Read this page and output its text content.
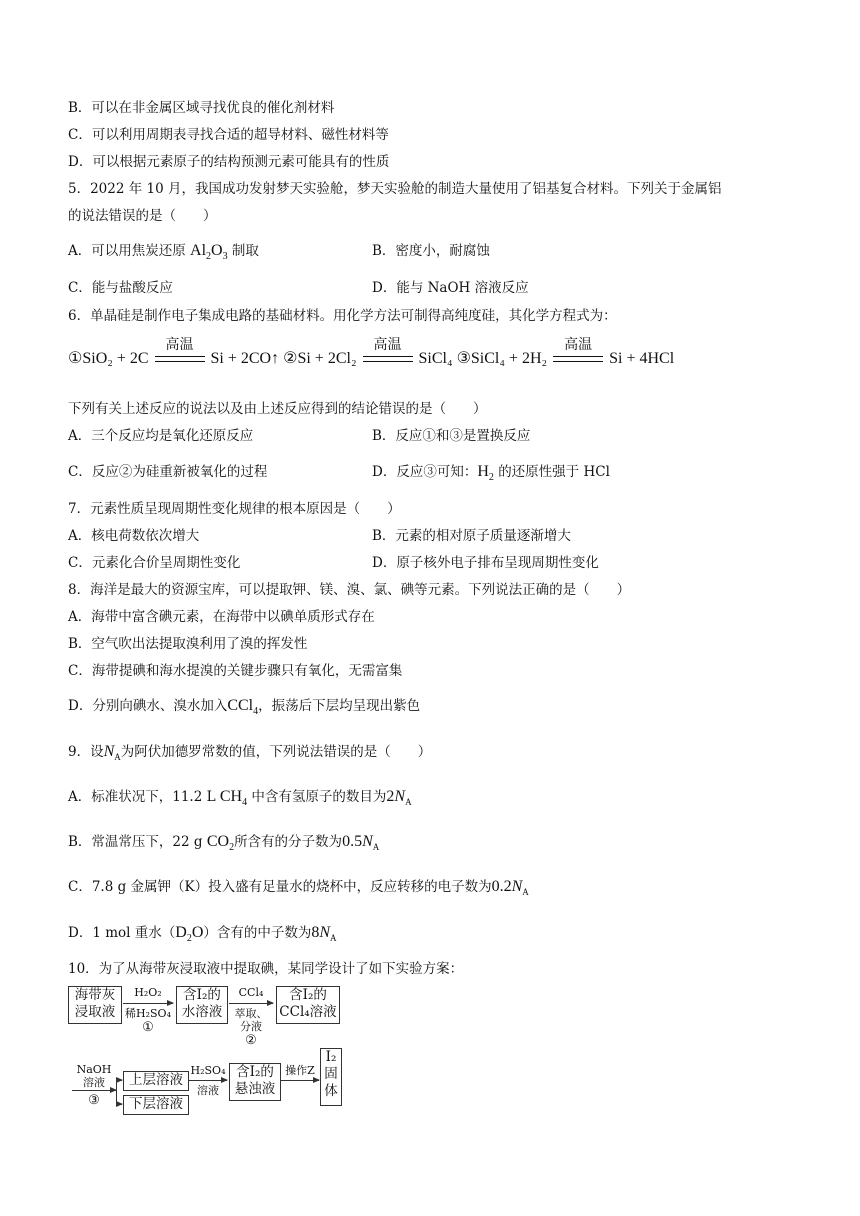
B．可以在非金属区域寻找优良的催化剂材料
C．可以利用周期表寻找合适的超导材料、磁性材料等
D．可以根据元素原子的结构预测元素可能具有的性质
5．2022 年 10 月，我国成功发射梦天实验舱，梦天实验舱的制造大量使用了铝基复合材料。下列关于金属铝
的说法错误的是（　　）
A．可以用焦炭还原 $Al_2O_3$ 制取	B．密度小，耐腐蚀
C．能与盐酸反应	D．能与 NaOH 溶液反应
6．单晶硅是制作电子集成电路的基础材料。用化学方法可制得高纯度硅，其化学方程式为：
①SiO₂ + 2C
高温
Si + 2CO↑ ②Si + 2Cl₂
高温
SiCl₄ ③SiCl₄ + 2H₂
高温
Si + 4HCl
下列有关上述反应的说法以及由上述反应得到的结论错误的是（　　）
A．三个反应均是氧化还原反应	B．反应①和③是置换反应
C．反应②为硅重新被氧化的过程	D．反应③可知：$H_2$ 的还原性强于 HCl
7．元素性质呈现周期性变化规律的根本原因是（　　）
A．核电荷数依次增大	B．元素的相对原子质量逐渐增大
C．元素化合价呈周期性变化	D．原子核外电子排布呈现周期性变化
8．海洋是最大的资源宝库，可以提取钾、镁、溴、氯、碘等元素。下列说法正确的是（　　）
A．海带中富含碘元素，在海带中以碘单质形式存在
B．空气吹出法提取溴利用了溴的挥发性
C．海带提碘和海水提溴的关键步骤只有氧化，无需富集
D．分别向碘水、溴水加入CCl$_4$，振荡后下层均呈现出紫色
9．设$N_A$为阿伏加德罗常数的值，下列说法错误的是（　　）
A．标准状况下，11.2 L $CH_4$ 中含有氢原子的数目为$2N_A$
B．常温常压下，22 g $CO_2$所含有的分子数为$0.5N_A$
C．7.8 g 金属钾（K）投入盛有足量水的烧杯中，反应转移的电子数为$0.2N_A$
D．1 mol 重水$(D_2O)$含有的中子数为$8N_A$
10．为了从海带灰浸取液中提取碘，某同学设计了如下实验方案：
海带灰
浸取液
H₂O₂
稀H₂SO₄
①
含I₂的
水溶液
CCl₄
萃取、
分液
②
含I₂的
CCl₄溶液
NaOH
溶液
③
上层溶液
下层溶液
H₂SO₄
溶液
含I₂的
悬浊液
操作Z
I₂
固
体
